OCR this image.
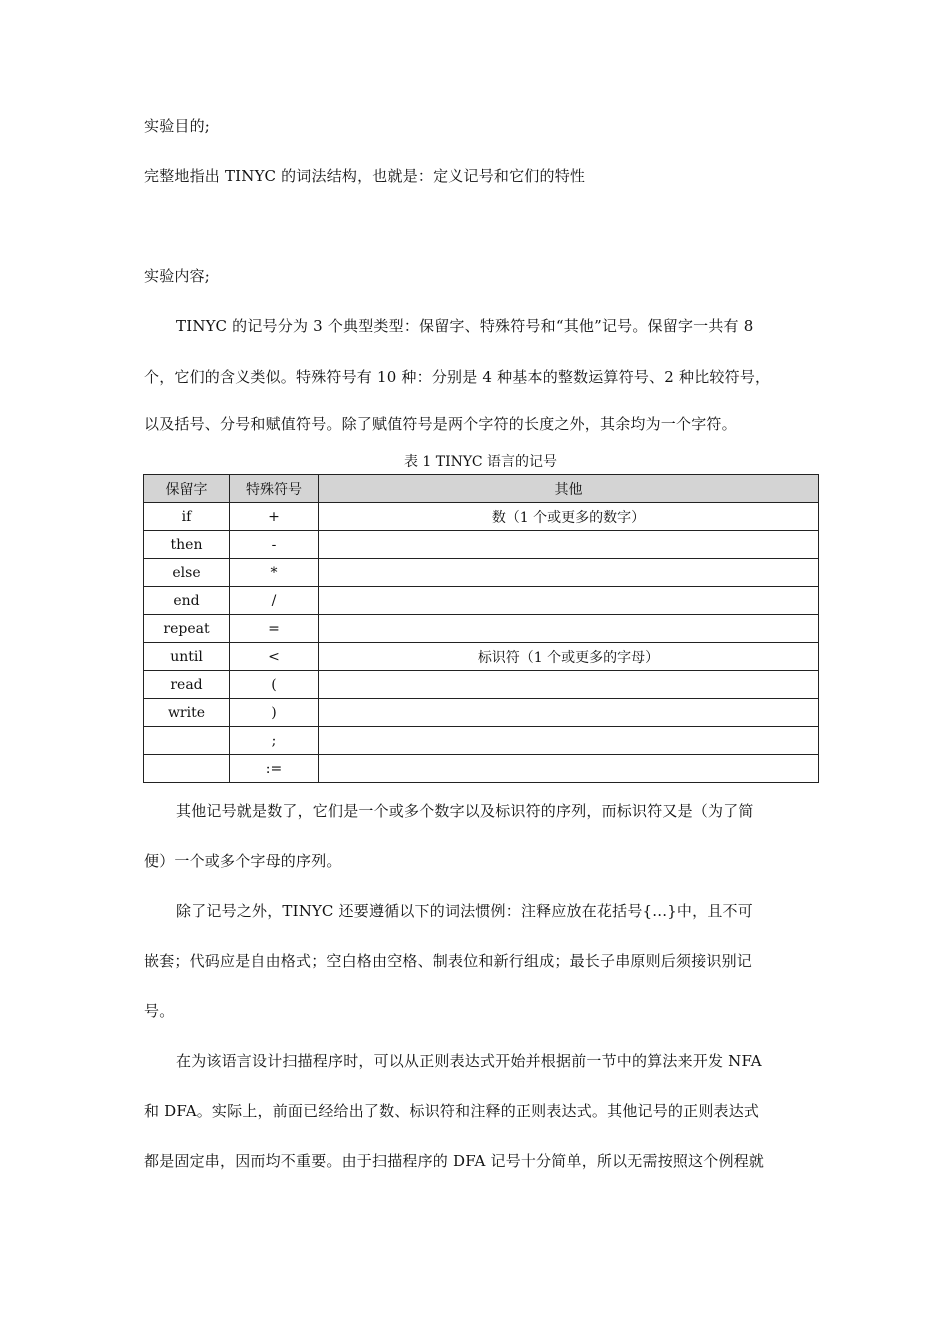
实验目的;
完整地指出 TINYC 的词法结构，也就是：定义记号和它们的特性
实验内容;
TINYC 的记号分为 3 个典型类型：保留字、特殊符号和“其他”记号。保留字一共有 8
个，它们的含义类似。特殊符号有 10 种：分别是 4 种基本的整数运算符号、2 种比较符号，
以及括号、分号和赋值符号。除了赋值符号是两个字符的长度之外，其余均为一个字符。
表 1 TINYC 语言的记号
保留字	特殊符号	其他
if	+	数（1 个或更多的数字）
then	-	
else	*	
end	/	
repeat	=	
until	<	标识符（1 个或更多的字母）
read	(	
write	)	
	;	
	:=	
其他记号就是数了，它们是一个或多个数字以及标识符的序列，而标识符又是（为了简
便）一个或多个字母的序列。
除了记号之外，TINYC 还要遵循以下的词法惯例：注释应放在花括号{...}中，且不可
嵌套；代码应是自由格式；空白格由空格、制表位和新行组成；最长子串原则后须接识别记
号。
在为该语言设计扫描程序时，可以从正则表达式开始并根据前一节中的算法来开发 NFA
和 DFA。实际上，前面已经给出了数、标识符和注释的正则表达式。其他记号的正则表达式
都是固定串，因而均不重要。由于扫描程序的 DFA 记号十分简单，所以无需按照这个例程就
